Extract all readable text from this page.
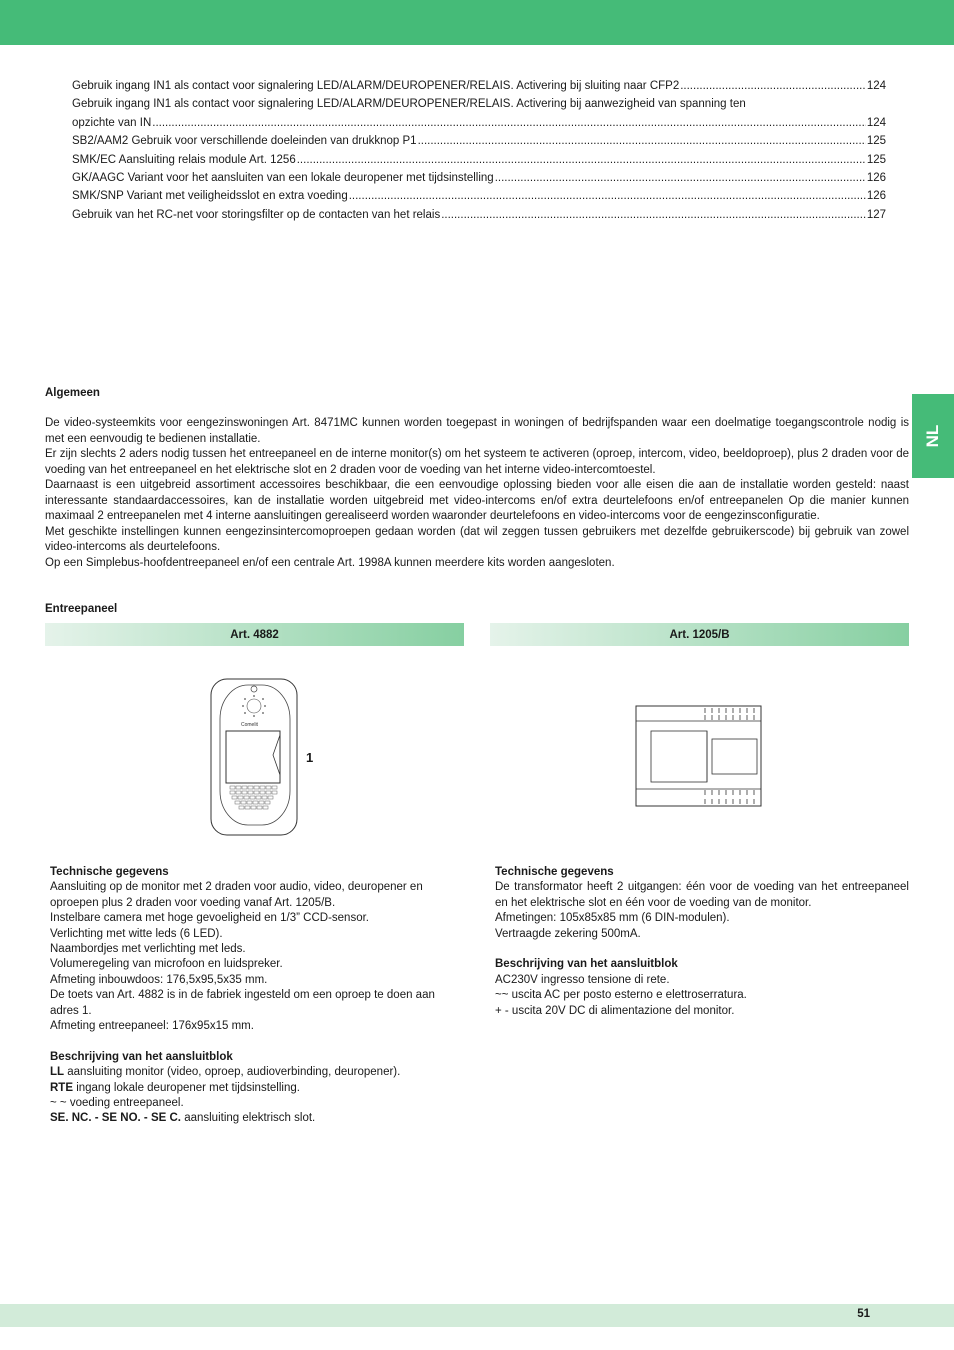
Gebruik ingang IN1 als contact voor signalering LED/ALARM/DEUROPENER/RELAIS. Activering bij sluiting naar CFP2 .....	124
Gebruik ingang IN1 als contact voor signalering LED/ALARM/DEUROPENER/RELAIS. Activering bij aanwezigheid van spanning ten
opzichte van IN .....	124
SB2/AAM2 Gebruik voor verschillende doeleinden van drukknop P1 .....	125
SMK/EC Aansluiting relais module Art. 1256 .....	125
GK/AAGC Variant voor het aansluiten van een lokale deuropener met tijdsinstelling .....	126
SMK/SNP Variant met veiligheidsslot en extra voeding .....	126
Gebruik van het RC-net voor storingsfilter op de contacten van het relais .....	127
NL
Algemeen

De video-systeemkits voor eengezinswoningen Art. 8471MC kunnen worden toegepast in woningen of bedrijfspanden waar een doelmatige toegangscontrole nodig is met een eenvoudig te bedienen installatie.

Er zijn slechts 2 aders nodig tussen het entreepaneel en de interne monitor(s) om het systeem te activeren (oproep, intercom, video, beeldoproep), plus 2 draden voor de voeding van het entreepaneel en het elektrische slot en 2 draden voor de voeding van het interne video-intercomtoestel.

Daarnaast is een uitgebreid assortiment accessoires beschikbaar, die een eenvoudige oplossing bieden voor alle eisen die aan de installatie worden gesteld: naast interessante standaardaccessoires, kan de installatie worden uitgebreid met video-intercoms en/of extra deurtelefoons en/of entreepanelen Op die manier kunnen maximaal 2 entreepanelen met 4 interne aansluitingen gerealiseerd worden waaronder deurtelefoons en video-intercoms voor de eengezinsconfiguratie.

Met geschikte instellingen kunnen eengezinsintercomoproepen gedaan worden (dat wil zeggen tussen gebruikers met dezelfde gebruikerscode) bij gebruik van zowel video-intercoms als deurtelefoons.

Op een Simplebus-hoofdentreepaneel en/of een centrale Art. 1998A kunnen meerdere kits worden aangesloten.

Entreepaneel
Art. 4882	Art. 1205/B
Comelit
1

Technische gegevens

Aansluiting op de monitor met 2 draden voor audio, video, deuropener en oproepen plus 2 draden voor voeding vanaf Art. 1205/B.

Instelbare camera met hoge gevoeligheid en 1/3” CCD-sensor.

Verlichting met witte leds (6 LED).

Naambordjes met verlichting met leds.

Volumeregeling van microfoon en luidspreker.

Afmeting inbouwdoos: 176,5x95,5x35 mm.

De toets van Art. 4882 is in de fabriek ingesteld om een oproep te doen aan adres 1.

Afmeting entreepaneel: 176x95x15 mm.

Beschrijving van het aansluitblok

LL aansluiting monitor (video, oproep, audioverbinding, deuropener).

RTE ingang lokale deuropener met tijdsinstelling.

~ ~ voeding entreepaneel.

SE. NC. - SE NO. - SE C. aansluiting elektrisch slot.

Technische gegevens

De transformator heeft 2 uitgangen: één voor de voeding van het entreepaneel en het elektrische slot en één voor de voeding van de monitor.

Afmetingen: 105x85x85 mm (6 DIN-modulen).

Vertraagde zekering 500mA.

Beschrijving van het aansluitblok

AC230V ingresso tensione di rete.

~~ uscita AC per posto esterno e elettroserratura.

+ - uscita 20V DC di alimentazione del monitor.

51
